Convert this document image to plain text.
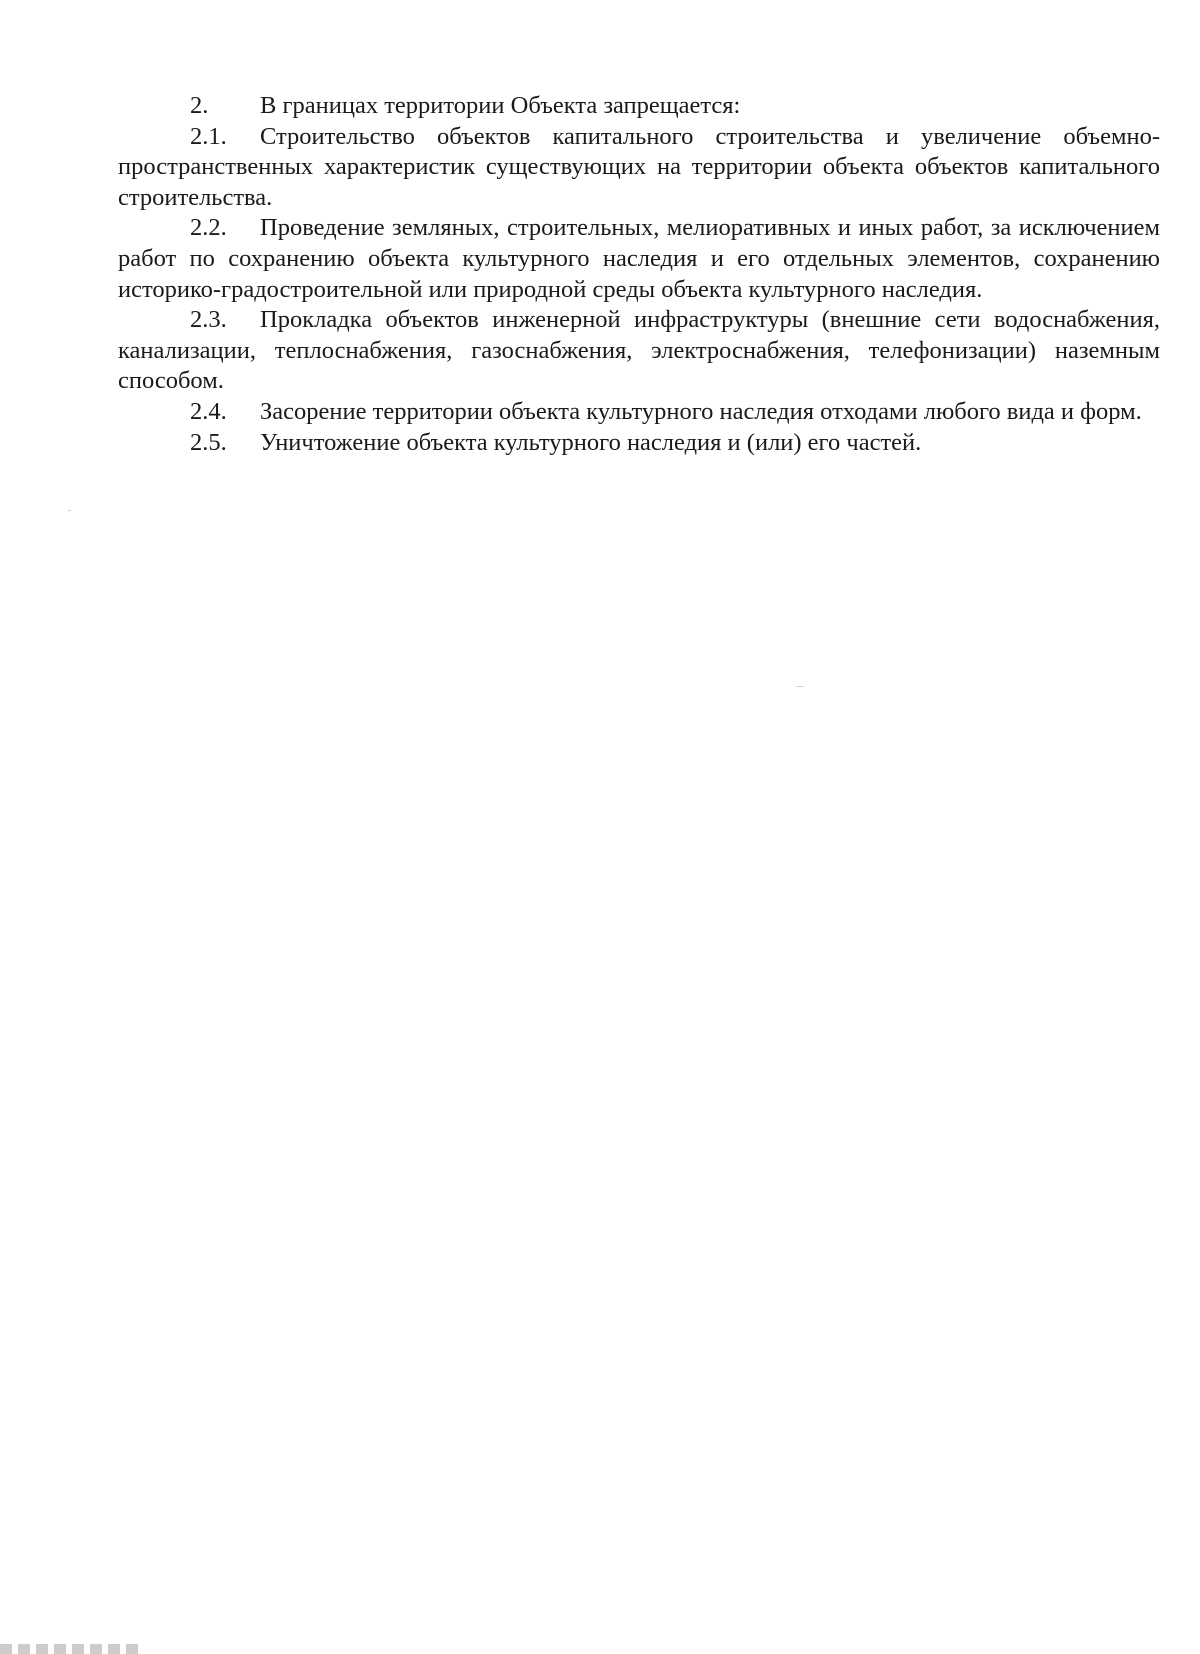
2. В границах территории Объекта запрещается:

2.1. Строительство объектов капитального строительства и увеличение объемно-пространственных характеристик существующих на территории объекта объектов капитального строительства.

2.2. Проведение земляных, строительных, мелиоративных и иных работ, за исключением работ по сохранению объекта культурного наследия и его отдельных элементов, сохранению историко-градостроительной или природной среды объекта культурного наследия.

2.3. Прокладка объектов инженерной инфраструктуры (внешние сети водоснабжения, канализации, теплоснабжения, газоснабжения, электроснабжения, телефонизации) наземным способом.

2.4. Засорение территории объекта культурного наследия отходами любого вида и форм.

2.5. Уничтожение объекта культурного наследия и (или) его частей.
